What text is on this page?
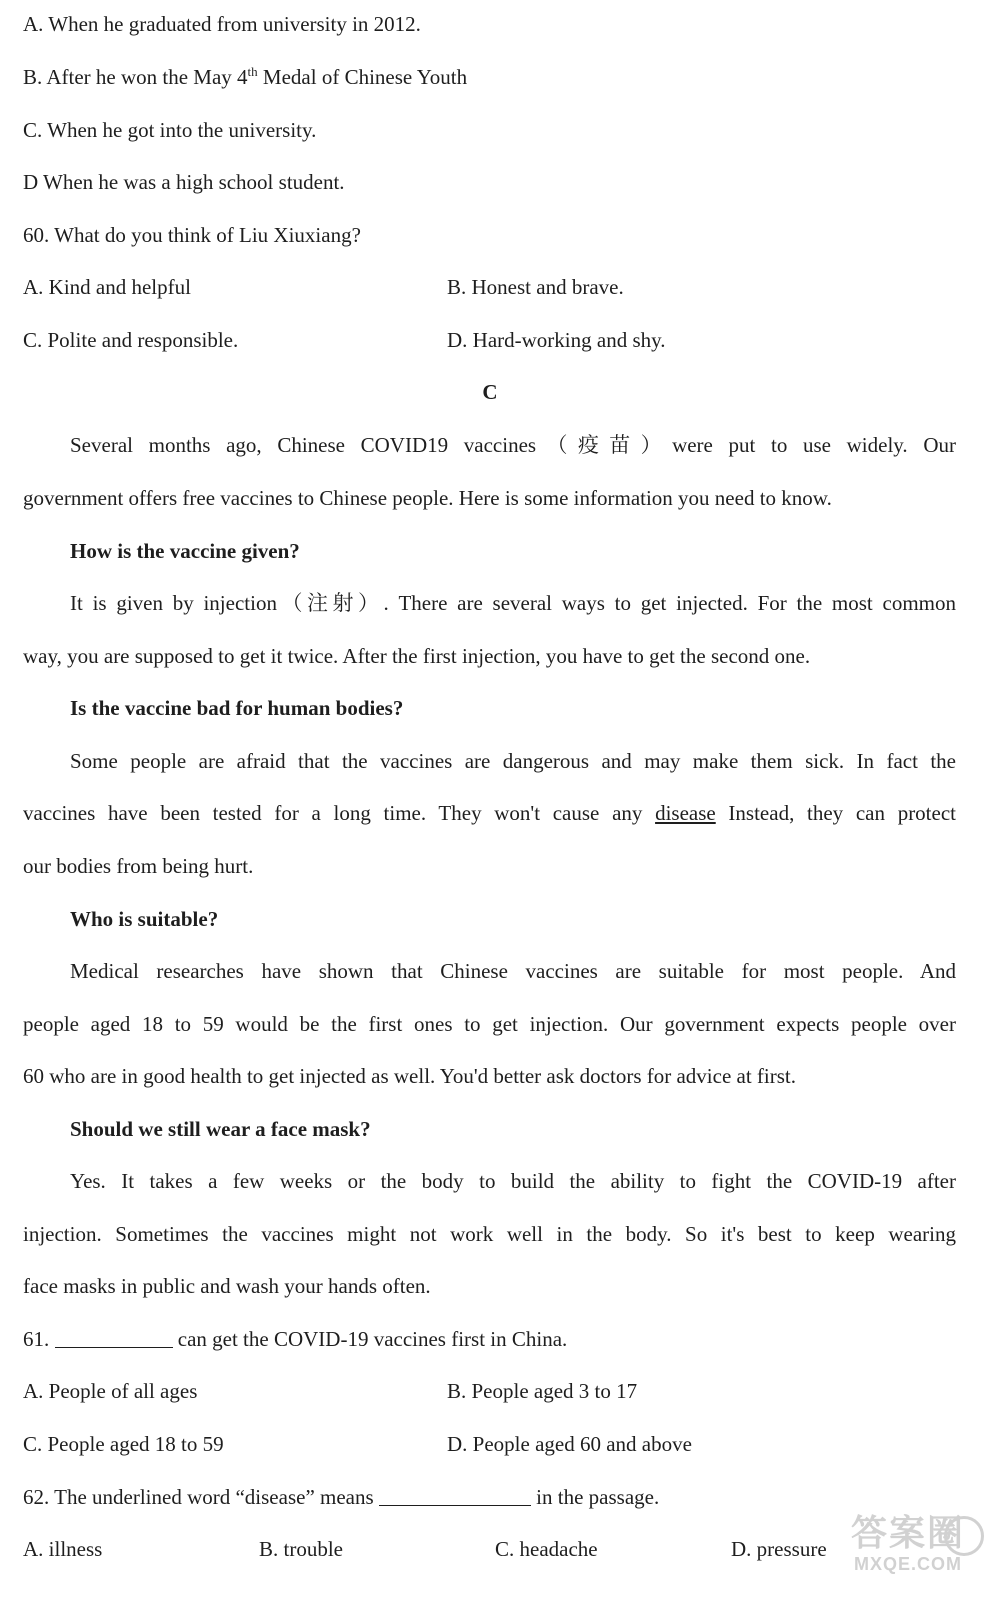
A. When he graduated from university in 2012.
B. After he won the May 4th Medal of Chinese Youth
C. When he got into the university.
D When he was a high school student.
60. What do you think of Liu Xiuxiang?
A. Kind and helpful	B. Honest and brave.
C. Polite and responsible.	D. Hard-working and shy.
C
Several months ago, Chinese COVID19 vaccines（疫苗）were put to use widely. Our
government offers free vaccines to Chinese people. Here is some information you need to know.
How is the vaccine given?
It is given by injection（注射）. There are several ways to get injected. For the most common
way, you are supposed to get it twice. After the first injection, you have to get the second one.
Is the vaccine bad for human bodies?
Some people are afraid that the vaccines are dangerous and may make them sick. In fact the
vaccines have been tested for a long time. They won't cause any disease Instead, they can protect
our bodies from being hurt.
Who is suitable?
Medical researches have shown that Chinese vaccines are suitable for most people. And
people aged 18 to 59 would be the first ones to get injection. Our government expects people over
60 who are in good health to get injected as well. You'd better ask doctors for advice at first.
Should we still wear a face mask?
Yes. It takes a few weeks or the body to build the ability to fight the COVID-19 after
injection. Sometimes the vaccines might not work well in the body. So it's best to keep wearing
face masks in public and wash your hands often.
61.	can get the COVID-19 vaccines first in China.
A. People of all ages	B. People aged 3 to 17
C. People aged 18 to 59	D. People aged 60 and above
62. The underlined word “disease” means	in the passage.
A. illness	B. trouble	C. headache	D. pressure 答案圈
MXQE.COM
